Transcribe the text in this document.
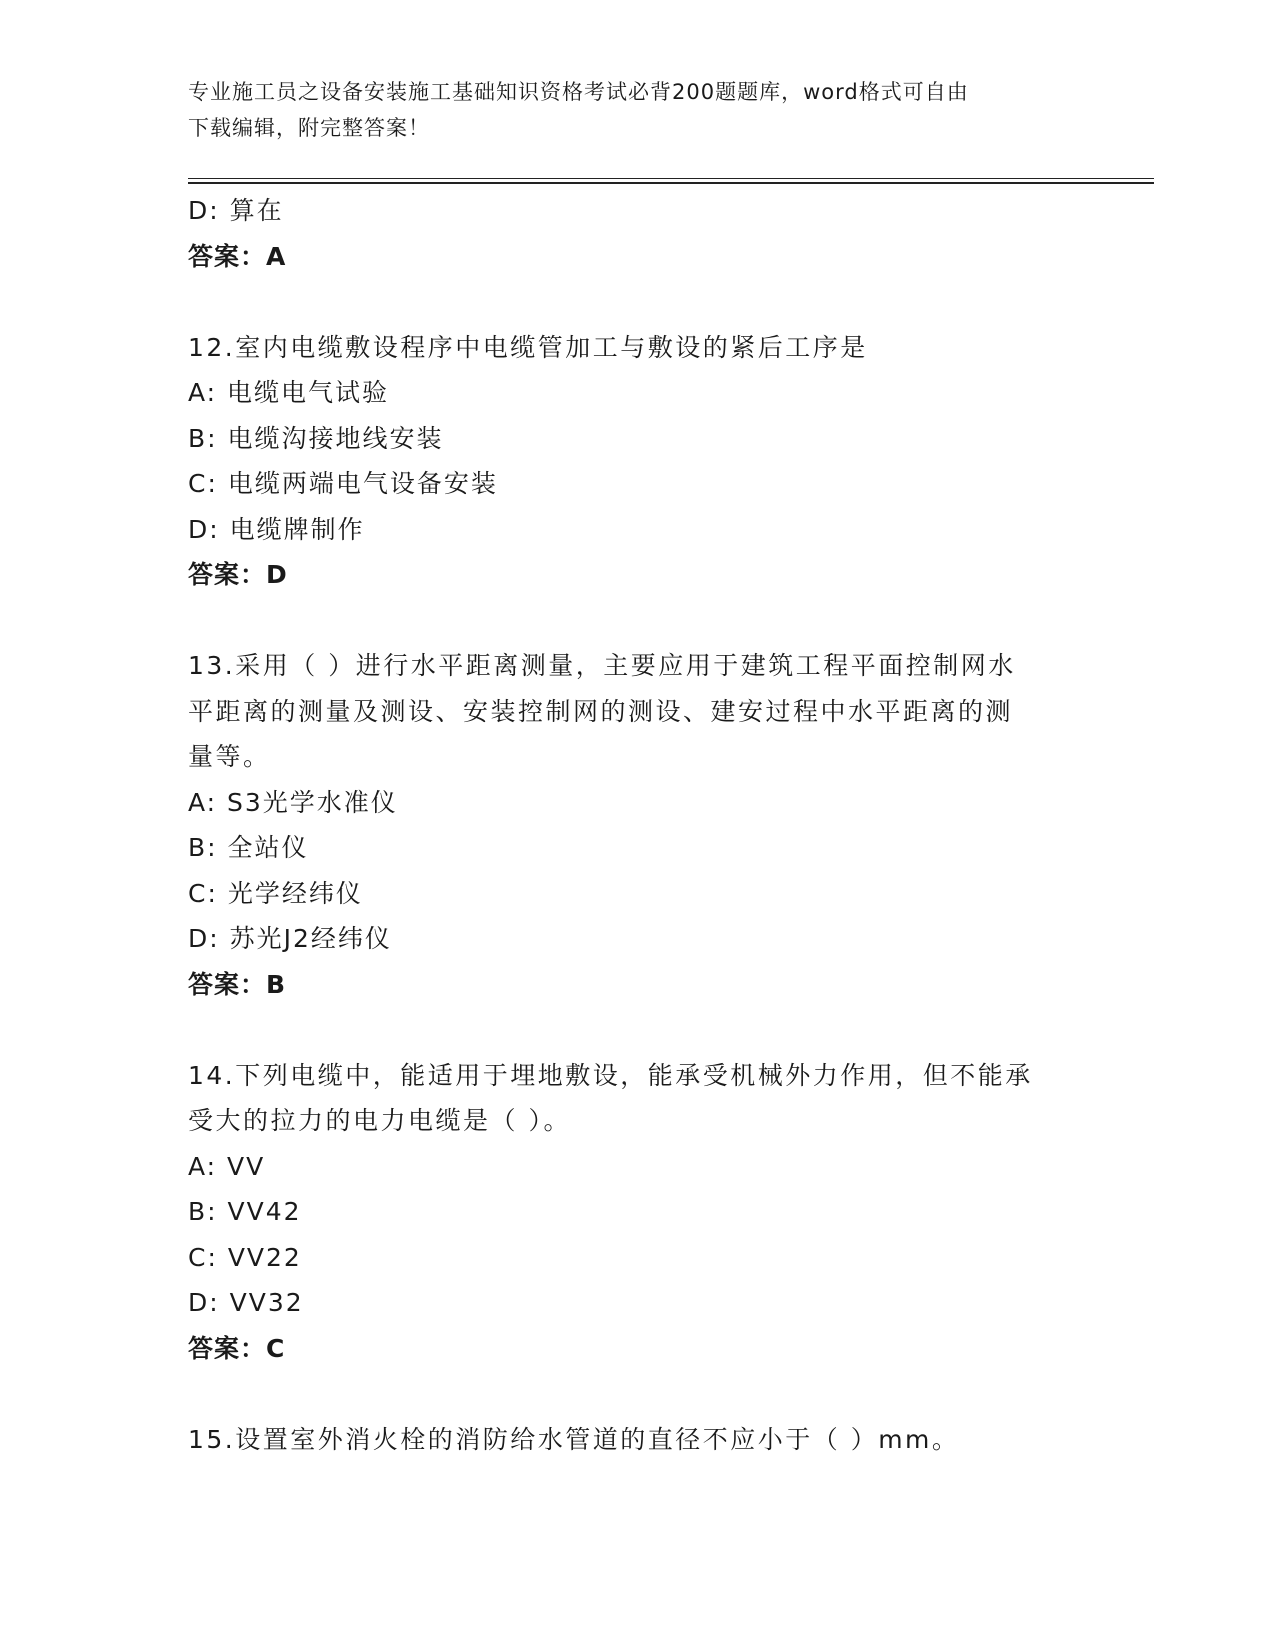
专业施工员之设备安装施工基础知识资格考试必背200题题库，word格式可自由
下载编辑，附完整答案！
D: 算在
答案：A
12.室内电缆敷设程序中电缆管加工与敷设的紧后工序是
A: 电缆电气试验
B: 电缆沟接地线安装
C: 电缆两端电气设备安装
D: 电缆牌制作
答案：D
13.采用（ ）进行水平距离测量，主要应用于建筑工程平面控制网水
平距离的测量及测设、安装控制网的测设、建安过程中水平距离的测
量等。
A: S3光学水准仪
B: 全站仪
C: 光学经纬仪
D: 苏光J2经纬仪
答案：B
14.下列电缆中，能适用于埋地敷设，能承受机械外力作用，但不能承
受大的拉力的电力电缆是（ ）。
A: VV
B: VV42
C: VV22
D: VV32
答案：C
15.设置室外消火栓的消防给水管道的直径不应小于（ ）mm。
